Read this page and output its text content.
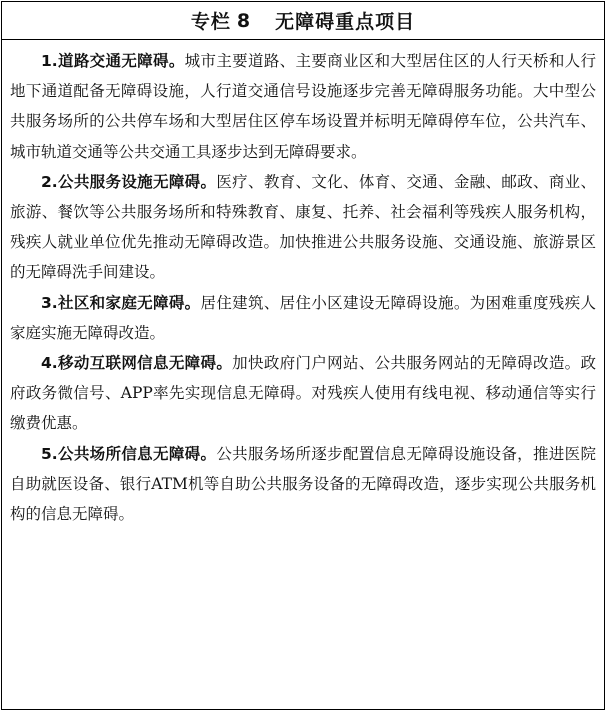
专栏 8 无障碍重点项目

1.道路交通无障碍。城市主要道路、主要商业区和大型居住区的人行天桥和人行地下通道配备无障碍设施，人行道交通信号设施逐步完善无障碍服务功能。大中型公共服务场所的公共停车场和大型居住区停车场设置并标明无障碍停车位，公共汽车、城市轨道交通等公共交通工具逐步达到无障碍要求。

2.公共服务设施无障碍。医疗、教育、文化、体育、交通、金融、邮政、商业、旅游、餐饮等公共服务场所和特殊教育、康复、托养、社会福利等残疾人服务机构，残疾人就业单位优先推动无障碍改造。加快推进公共服务设施、交通设施、旅游景区的无障碍洗手间建设。

3.社区和家庭无障碍。居住建筑、居住小区建设无障碍设施。为困难重度残疾人家庭实施无障碍改造。

4.移动互联网信息无障碍。加快政府门户网站、公共服务网站的无障碍改造。政府政务微信号、APP率先实现信息无障碍。对残疾人使用有线电视、移动通信等实行缴费优惠。

5.公共场所信息无障碍。公共服务场所逐步配置信息无障碍设施设备，推进医院自助就医设备、银行ATM机等自助公共服务设备的无障碍改造，逐步实现公共服务机构的信息无障碍。
